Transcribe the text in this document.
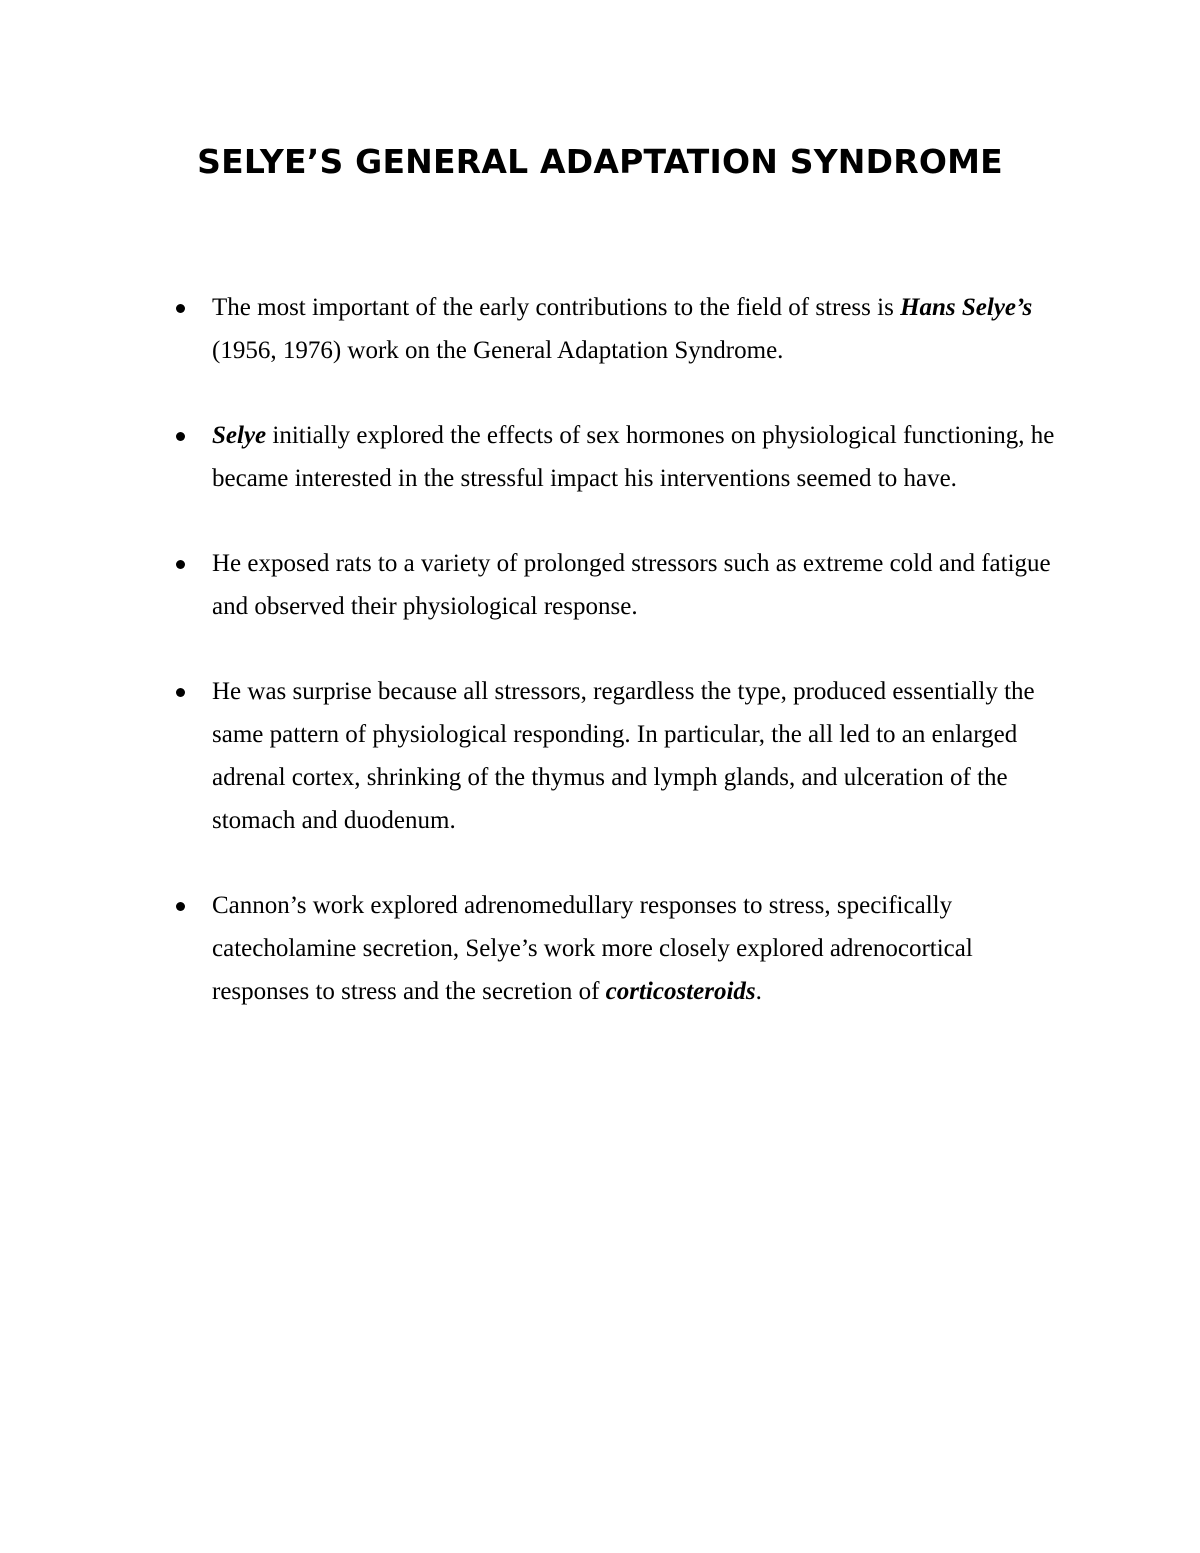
SELYE’S GENERAL ADAPTATION SYNDROME
The most important of the early contributions to the field of stress is Hans Selye’s (1956, 1976) work on the General Adaptation Syndrome.
Selye initially explored the effects of sex hormones on physiological functioning, he became interested in the stressful impact his interventions seemed to have.
He exposed rats to a variety of prolonged stressors such as extreme cold and fatigue and observed their physiological response.
He was surprise because all stressors, regardless the type, produced essentially the same pattern of physiological responding. In particular, the all led to an enlarged adrenal cortex, shrinking of the thymus and lymph glands, and ulceration of the stomach and duodenum.
Cannon’s work explored adrenomedullary responses to stress, specifically catecholamine secretion, Selye’s work more closely explored adrenocortical responses to stress and the secretion of corticosteroids.
